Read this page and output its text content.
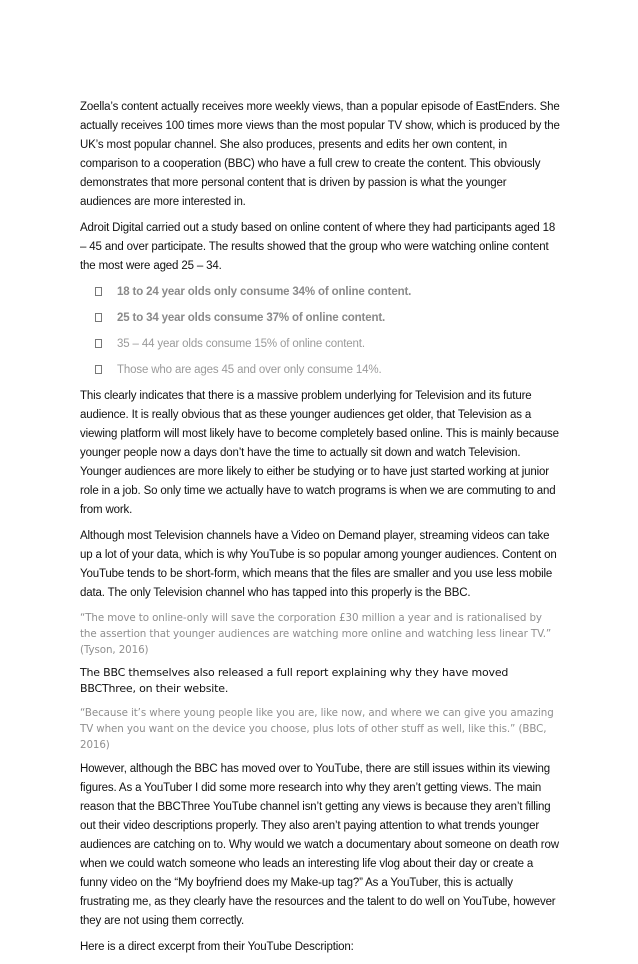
Zoella’s content actually receives more weekly views, than a popular episode of EastEnders. She actually receives 100 times more views than the most popular TV show, which is produced by the UK’s most popular channel. She also produces, presents and edits her own content, in comparison to a cooperation (BBC) who have a full crew to create the content. This obviously demonstrates that more personal content that is driven by passion is what the younger audiences are more interested in.

Adroit Digital carried out a study based on online content of where they had participants aged 18 – 45 and over participate. The results showed that the group who were watching online content the most were aged 25 – 34.

18 to 24 year olds only consume 34% of online content.
25 to 34 year olds consume 37% of online content.
35 – 44 year olds consume 15% of online content.
Those who are ages 45 and over only consume 14%.

This clearly indicates that there is a massive problem underlying for Television and its future audience. It is really obvious that as these younger audiences get older, that Television as a viewing platform will most likely have to become completely based online. This is mainly because younger people now a days don’t have the time to actually sit down and watch Television. Younger audiences are more likely to either be studying or to have just started working at junior role in a job. So only time we actually have to watch programs is when we are commuting to and from work.

Although most Television channels have a Video on Demand player, streaming videos can take up a lot of your data, which is why YouTube is so popular among younger audiences. Content on YouTube tends to be short-form, which means that the files are smaller and you use less mobile data. The only Television channel who has tapped into this properly is the BBC.

“The move to online-only will save the corporation £30 million a year and is rationalised by the assertion that younger audiences are watching more online and watching less linear TV.” (Tyson, 2016)

The BBC themselves also released a full report explaining why they have moved BBCThree, on their website.

“Because it’s where young people like you are, like now, and where we can give you amazing TV when you want on the device you choose, plus lots of other stuff as well, like this.” (BBC, 2016)

However, although the BBC has moved over to YouTube, there are still issues within its viewing figures. As a YouTuber I did some more research into why they aren’t getting views. The main reason that the BBCThree YouTube channel isn’t getting any views is because they aren’t filling out their video descriptions properly. They also aren’t paying attention to what trends younger audiences are catching on to. Why would we watch a documentary about someone on death row when we could watch someone who leads an interesting life vlog about their day or create a funny video on the “My boyfriend does my Make-up tag?” As a YouTuber, this is actually frustrating me, as they clearly have the resources and the talent to do well on YouTube, however they are not using them correctly.

Here is a direct excerpt from their YouTube Description:
